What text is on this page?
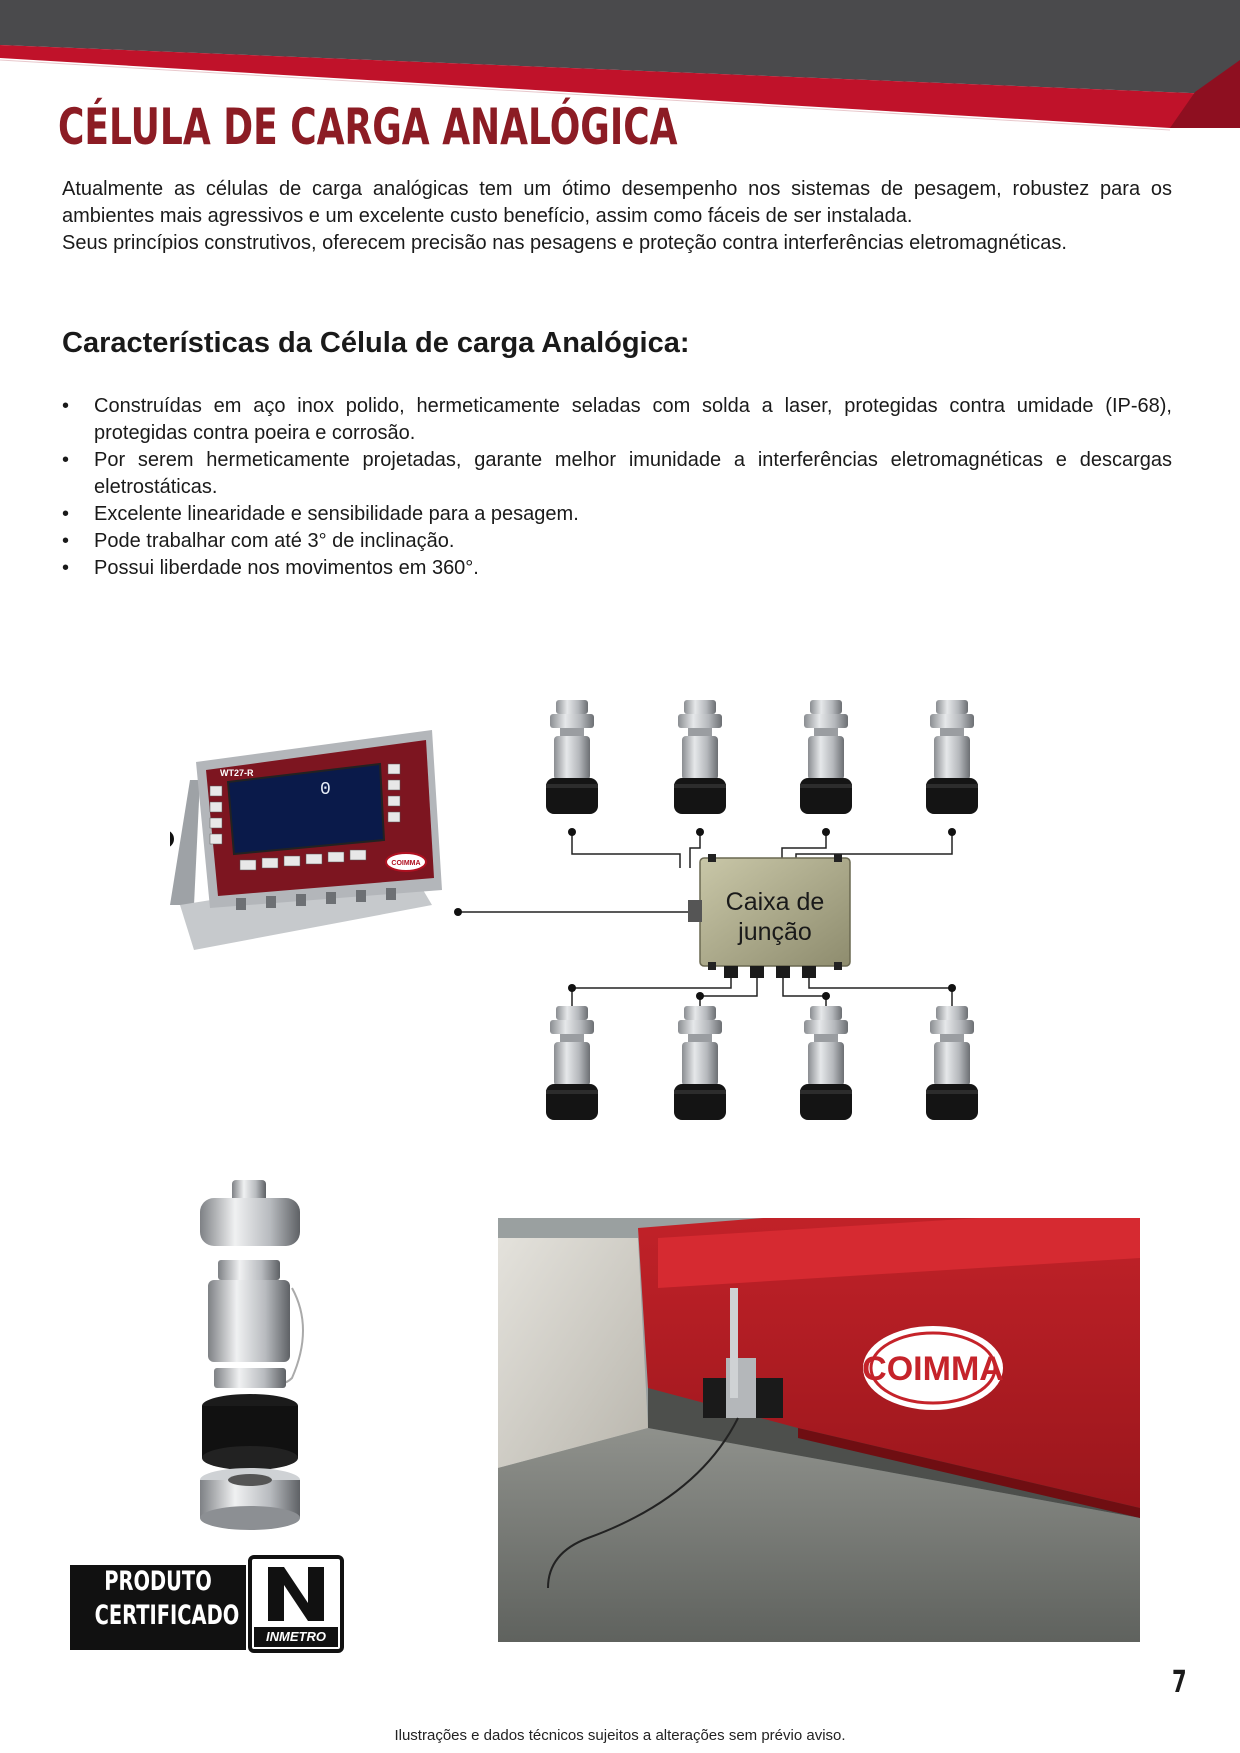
CÉLULA DE CARGA ANALÓGICA

Atualmente as células de carga analógicas tem um ótimo desempenho nos sistemas de pesagem, robustez para os ambientes mais agressivos e um excelente custo benefício, assim como fáceis de ser instalada.

Seus princípios construtivos, oferecem precisão nas pesagens e proteção contra interferências eletromagnéticas.

Características da Célula de carga Analógica:
• Construídas em aço inox polido, hermeticamente seladas com solda a laser, protegidas contra umidade (IP-68), protegidas contra poeira e corrosão.
• Por serem hermeticamente projetadas, garante melhor imunidade a interferências eletromagnéticas e descargas eletrostáticas.
• Excelente linearidade e sensibilidade para a pesagem.
• Pode trabalhar com até 3° de inclinação.
• Possui liberdade nos movimentos em 360°.
Caixa de
junção
0
WT27-R
COIMMA
PRODUTO
CERTIFICADO
INMETRO
COIMMA
7
Ilustrações e dados técnicos sujeitos a alterações sem prévio aviso.
